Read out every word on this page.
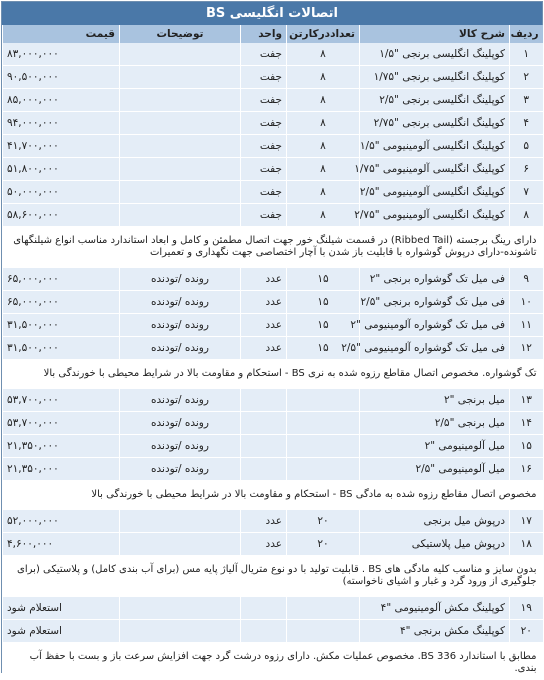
اتصالات انگلیسی BS
ردیف	شرح کالا	تعداددرکارتن	واحد	توضیحات	قیمت
۱	کوپلینگ انگلیسی برنجی "۱/۵	۸	جفت		۸۳,۰۰۰,۰۰۰
۲	کوپلینگ انگلیسی برنجی "۱/۷۵	۸	جفت		۹۰,۵۰۰,۰۰۰
۳	کوپلینگ انگلیسی برنجی "۲/۵	۸	جفت		۸۵,۰۰۰,۰۰۰
۴	کوپلینگ انگلیسی برنجی "۲/۷۵	۸	جفت		۹۴,۰۰۰,۰۰۰
۵	کوپلینگ انگلیسی آلومینیومی "۱/۵	۸	جفت		۴۱,۷۰۰,۰۰۰
۶	کوپلینگ انگلیسی آلومینیومی "۱/۷۵	۸	جفت		۵۱,۸۰۰,۰۰۰
۷	کوپلینگ انگلیسی آلومینیومی "۲/۵	۸	جفت		۵۰,۰۰۰,۰۰۰
۸	کوپلینگ انگلیسی آلومینیومی "۲/۷۵	۸	جفت		۵۸,۶۰۰,۰۰۰

دارای رینگ برجسته (Ribbed Tail) در قسمت شیلنگ خور جهت اتصال مطمئن و کامل و ابعاد استاندارد مناسب انواع شیلنگهای تاشونده-دارای درپوش گوشواره با قابلیت باز شدن با آچار اختصاصی جهت نگهداری و تعمیرات					

۹	فی میل تک گوشواره برنجی "۲	۱۵	عدد	رونده /تودنده	۶۵,۰۰۰,۰۰۰
۱۰	فی میل تک گوشواره برنجی "۲/۵	۱۵	عدد	رونده /تودنده	۶۵,۰۰۰,۰۰۰
۱۱	فی میل تک گوشواره آلومینیومی "۲	۱۵	عدد	رونده /تودنده	۳۱,۵۰۰,۰۰۰
۱۲	فی میل تک گوشواره آلومینیومی "۲/۵	۱۵	عدد	رونده /تودنده	۳۱,۵۰۰,۰۰۰

تک گوشواره. مخصوص اتصال مقاطع رزوه شده به نری BS - استحکام و مقاومت بالا در شرایط محیطی با خورندگی بالا					

۱۳	میل برنجی "۲			رونده /تودنده	۵۳,۷۰۰,۰۰۰
۱۴	میل برنجی "۲/۵			رونده /تودنده	۵۳,۷۰۰,۰۰۰
۱۵	میل آلومینیومی "۲			رونده /تودنده	۲۱,۳۵۰,۰۰۰
۱۶	میل آلومینیومی "۲/۵			رونده /تودنده	۲۱,۳۵۰,۰۰۰

مخصوص اتصال مقاطع رزوه شده به مادگی BS - استحکام و مقاومت بالا در شرایط محیطی با خورندگی بالا					

۱۷	درپوش میل برنجی	۲۰	عدد		۵۲,۰۰۰,۰۰۰
۱۸	درپوش میل پلاستیکی	۲۰	عدد		۴,۶۰۰,۰۰۰

بدون سایز و مناسب کلیه مادگی های BS . قابلیت تولید با دو نوع متریال آلیاژ پایه مس (برای آب بندی کامل) و پلاستیکی (برای جلوگیری از ورود گرد و غبار و اشیای ناخواسته)					

۱۹	کوپلینگ مکش آلومینیومی "۴				استعلام شود
۲۰	کوپلینگ مکش برنجی "۴				استعلام شود

مطابق با استاندارد BS 336. مخصوص عملیات مکش. دارای رزوه درشت گرد جهت افزایش سرعت باز و بست با حفظ آب بندی.					
